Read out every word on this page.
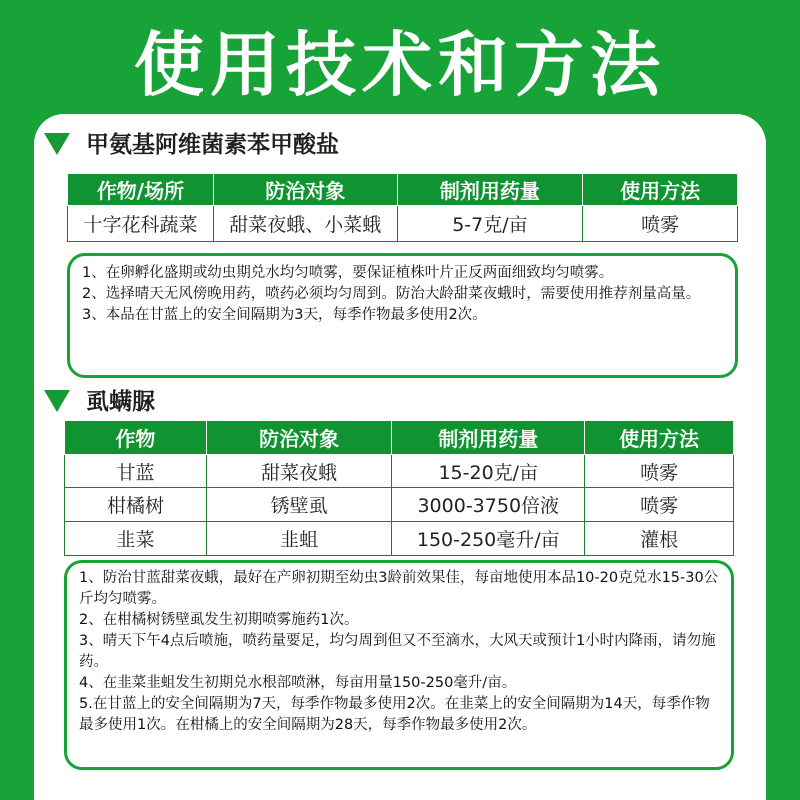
使用技术和方法
甲氨基阿维菌素苯甲酸盐
作物/场所	防治对象	制剂用药量	使用方法
十字花科蔬菜	甜菜夜蛾、小菜蛾	5-7克/亩	喷雾

1、在卵孵化盛期或幼虫期兑水均匀喷雾，要保证植株叶片正反两面细致均匀喷雾。

2、选择晴天无风傍晚用药，喷药必须均匀周到。防治大龄甜菜夜蛾时，需要使用推荐剂量高量。

3、本品在甘蓝上的安全间隔期为3天，每季作物最多使用2次。

虱螨脲
作物	防治对象	制剂用药量	使用方法
甘蓝	甜菜夜蛾	15-20克/亩	喷雾
柑橘树	锈壁虱	3000-3750倍液	喷雾
韭菜	韭蛆	150-250毫升/亩	灌根

1、防治甘蓝甜菜夜蛾，最好在产卵初期至幼虫3龄前效果佳，每亩地使用本品10-20克兑水15-30公斤均匀喷雾。

2、在柑橘树锈壁虱发生初期喷雾施药1次。

3、晴天下午4点后喷施，喷药量要足，均匀周到但又不至滴水，大风天或预计1小时内降雨，请勿施药。

4、在韭菜韭蛆发生初期兑水根部喷淋，每亩用量150-250毫升/亩。

5.在甘蓝上的安全间隔期为7天，每季作物最多使用2次。在韭菜上的安全间隔期为14天，每季作物最多使用1次。在柑橘上的安全间隔期为28天，每季作物最多使用2次。
